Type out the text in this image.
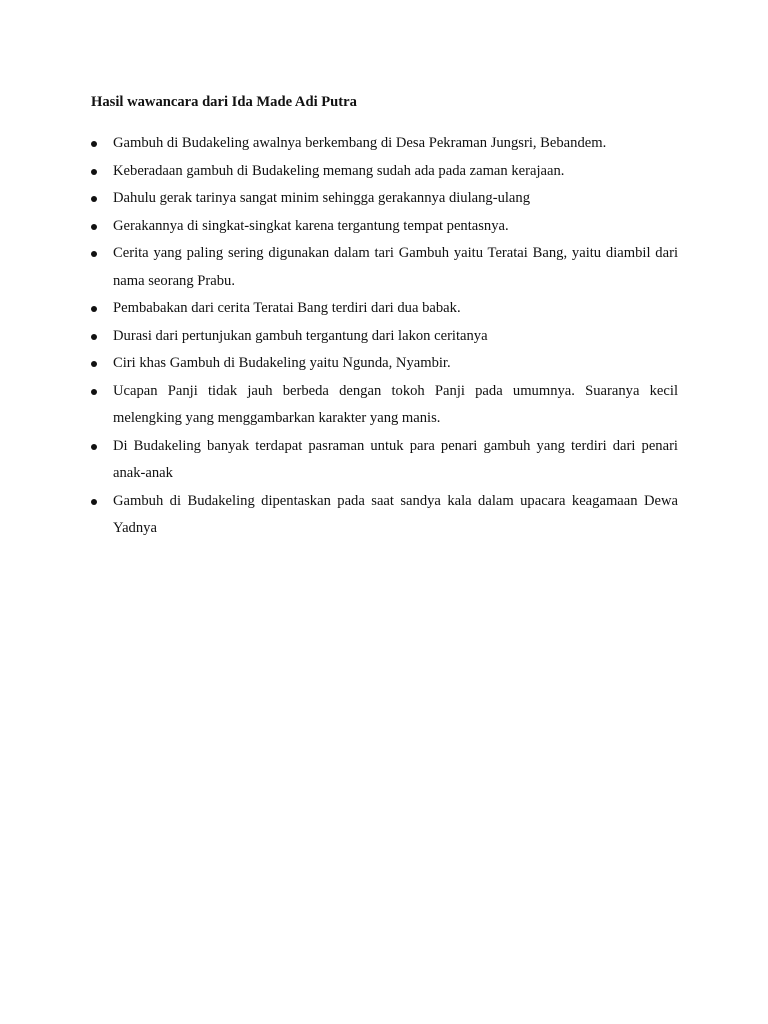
Hasil wawancara dari Ida Made Adi Putra
Gambuh di Budakeling awalnya berkembang di Desa Pekraman Jungsri, Bebandem.
Keberadaan gambuh di Budakeling memang sudah ada pada zaman kerajaan.
Dahulu gerak tarinya sangat minim sehingga gerakannya diulang-ulang
Gerakannya di singkat-singkat karena tergantung tempat pentasnya.
Cerita yang paling sering digunakan dalam tari Gambuh yaitu Teratai Bang, yaitu diambil dari nama seorang Prabu.
Pembabakan dari cerita Teratai Bang terdiri dari dua babak.
Durasi dari pertunjukan gambuh tergantung dari lakon ceritanya
Ciri khas Gambuh di Budakeling yaitu Ngunda, Nyambir.
Ucapan Panji tidak jauh berbeda dengan tokoh Panji pada umumnya. Suaranya kecil melengking yang menggambarkan karakter yang manis.
Di Budakeling banyak terdapat pasraman untuk para penari gambuh yang terdiri dari penari anak-anak
Gambuh di Budakeling dipentaskan pada saat sandya kala dalam upacara keagamaan Dewa Yadnya
